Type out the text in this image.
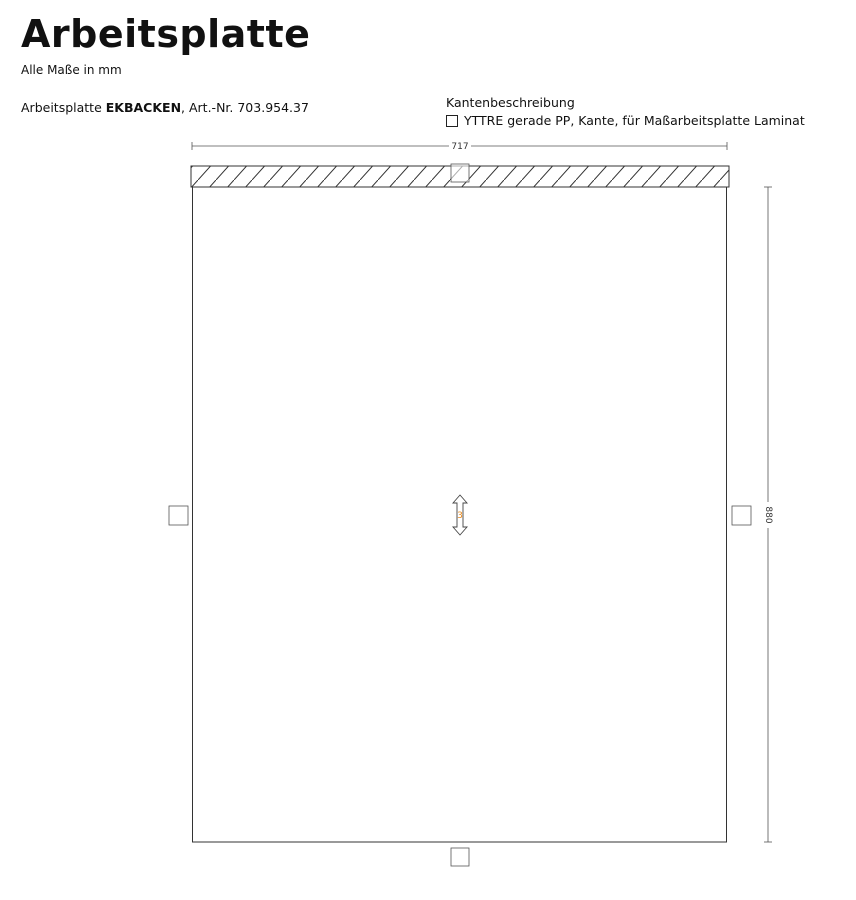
Arbeitsplatte
Alle Maße in mm
Arbeitsplatte EKBACKEN, Art.-Nr. 703.954.37	Kantenbeschreibung
YTTRE gerade PP, Kante, für Maßarbeitsplatte Laminat
717
880
3
